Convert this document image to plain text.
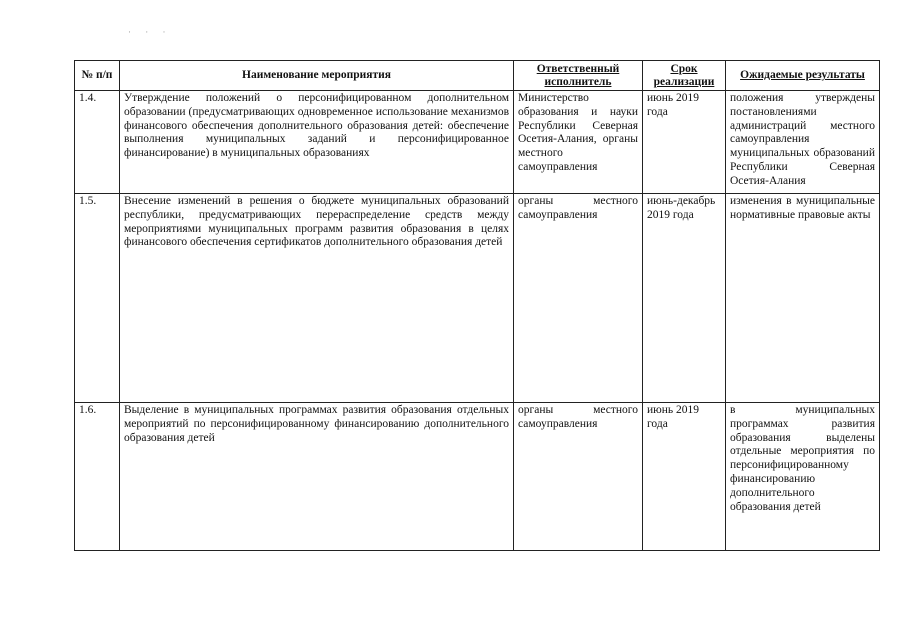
· · ·
№ п/п	Наименование мероприятия	Ответственный исполнитель	Срок реализации	Ожидаемые результаты
1.4.	Утверждение положений о персонифицированном дополнительном образовании (предусматривающих одновременное использование механизмов финансового обеспечения дополнительного образования детей: обеспечение выполнения муниципальных заданий и персонифицированное финансирование) в муниципальных образованиях	Министерство образования и науки Республики Северная Осетия-Алания, органы местного самоуправления	июнь 2019 года	положения утверждены постановлениями администраций местного самоуправления муниципальных образований Республики Северная Осетия-Алания
1.5.	Внесение изменений в решения о бюджете муниципальных образований республики, предусматривающих перераспределение средств между мероприятиями муниципальных программ развития образования в целях финансового обеспечения сертификатов дополнительного образования детей	органы местного самоуправления	июнь-декабрь 2019 года	изменения в муниципальные нормативные правовые акты
1.6.	Выделение в муниципальных программах развития образования отдельных мероприятий по персонифицированному финансированию дополнительного образования детей	органы местного самоуправления	июнь 2019 года	в муниципальных программах развития образования выделены отдельные мероприятия по персонифицированному финансированию дополнительного образования детей
